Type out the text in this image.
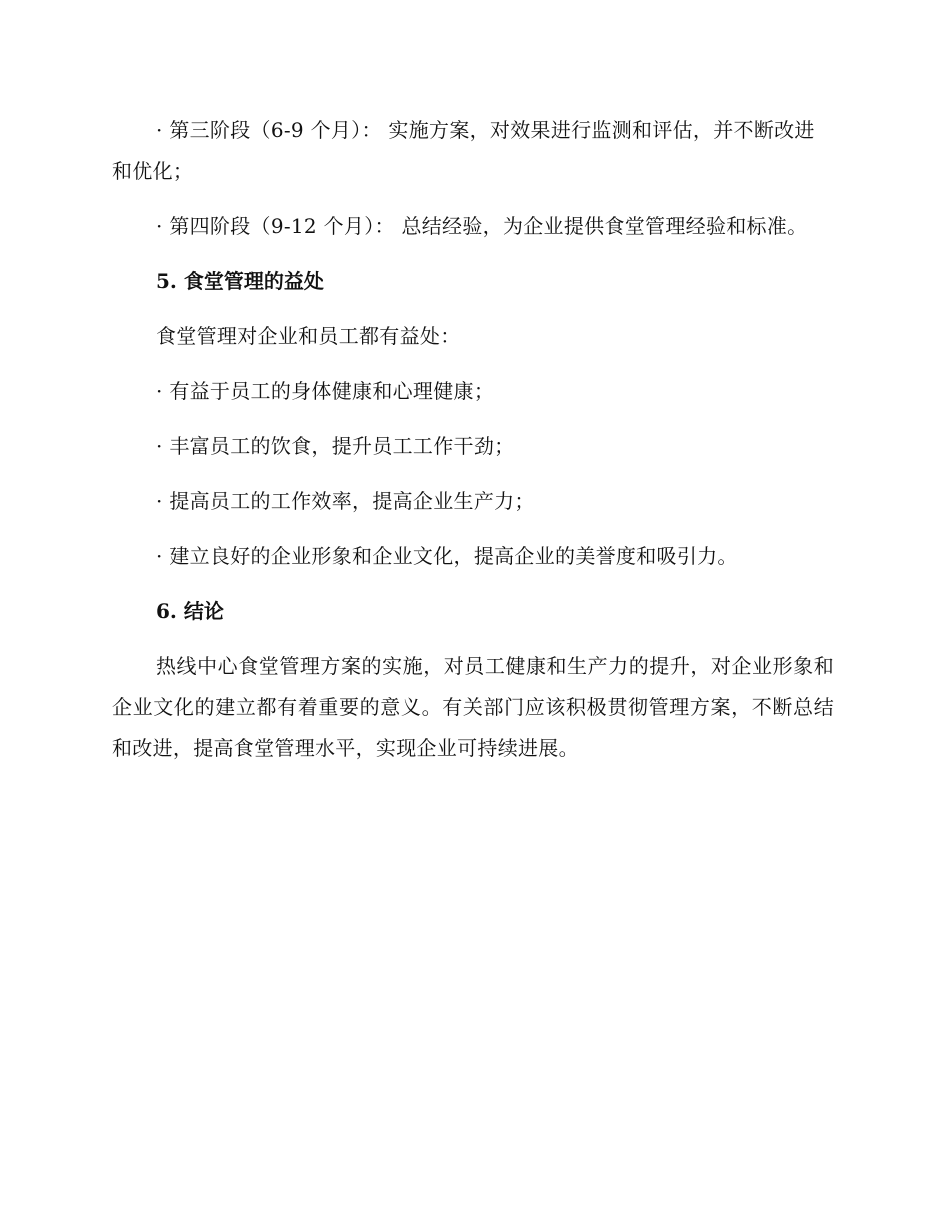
· 第三阶段（6-9 个月）： 实施方案，对效果进行监测和评估，并不断改进和优化；

· 第四阶段（9-12 个月）： 总结经验，为企业提供食堂管理经验和标准。

5. 食堂管理的益处

食堂管理对企业和员工都有益处：

· 有益于员工的身体健康和心理健康；

· 丰富员工的饮食，提升员工工作干劲；

· 提高员工的工作效率，提高企业生产力；

· 建立良好的企业形象和企业文化，提高企业的美誉度和吸引力。

6. 结论

热线中心食堂管理方案的实施，对员工健康和生产力的提升，对企业形象和企业文化的建立都有着重要的意义。有关部门应该积极贯彻管理方案，不断总结和改进，提高食堂管理水平，实现企业可持续进展。
